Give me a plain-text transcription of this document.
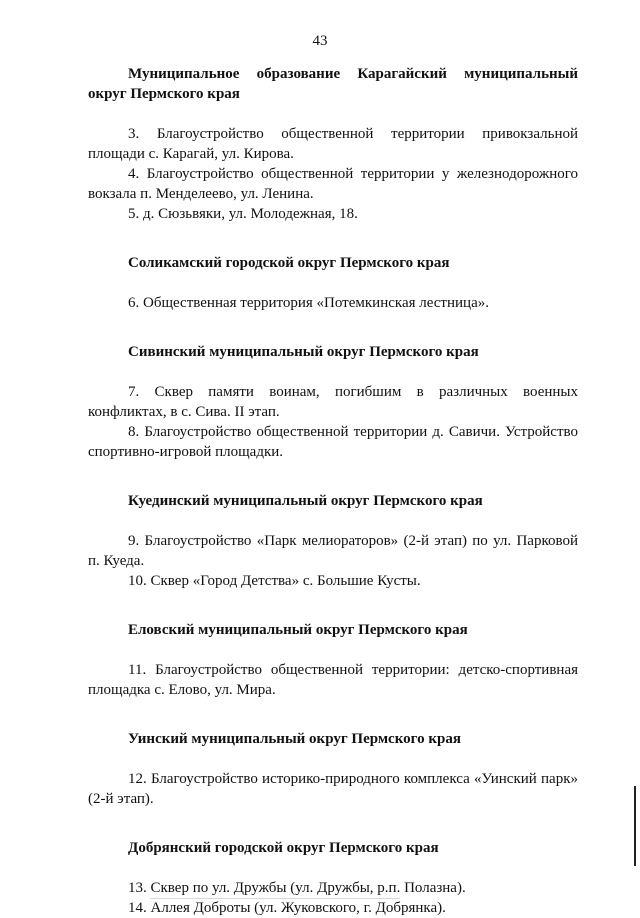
43

Муниципальное образование Карагайский муниципальный округ Пермского края

3. Благоустройство общественной территории привокзальной площади с. Карагай, ул. Кирова.

4. Благоустройство общественной территории у железнодорожного вокзала п. Менделеево, ул. Ленина.

5. д. Сюзьвяки, ул. Молодежная, 18.

Соликамский городской округ Пермского края

6. Общественная территория «Потемкинская лестница».

Сивинский муниципальный округ Пермского края

7. Сквер памяти воинам, погибшим в различных военных конфликтах, в с. Сива. II этап.

8. Благоустройство общественной территории д. Савичи. Устройство спортивно-игровой площадки.

Куединский муниципальный округ Пермского края

9. Благоустройство «Парк мелиораторов» (2-й этап) по ул. Парковой п. Куеда.

10. Сквер «Город Детства» с. Большие Кусты.

Еловский муниципальный округ Пермского края

11. Благоустройство общественной территории: детско-спортивная площадка с. Елово, ул. Мира.

Уинский муниципальный округ Пермского края

12. Благоустройство историко-природного комплекса «Уинский парк» (2-й этап).

Добрянский городской округ Пермского края

13. Сквер по ул. Дружбы (ул. Дружбы, р.п. Полазна).

14. Аллея Доброты (ул. Жуковского, г. Добрянка).
